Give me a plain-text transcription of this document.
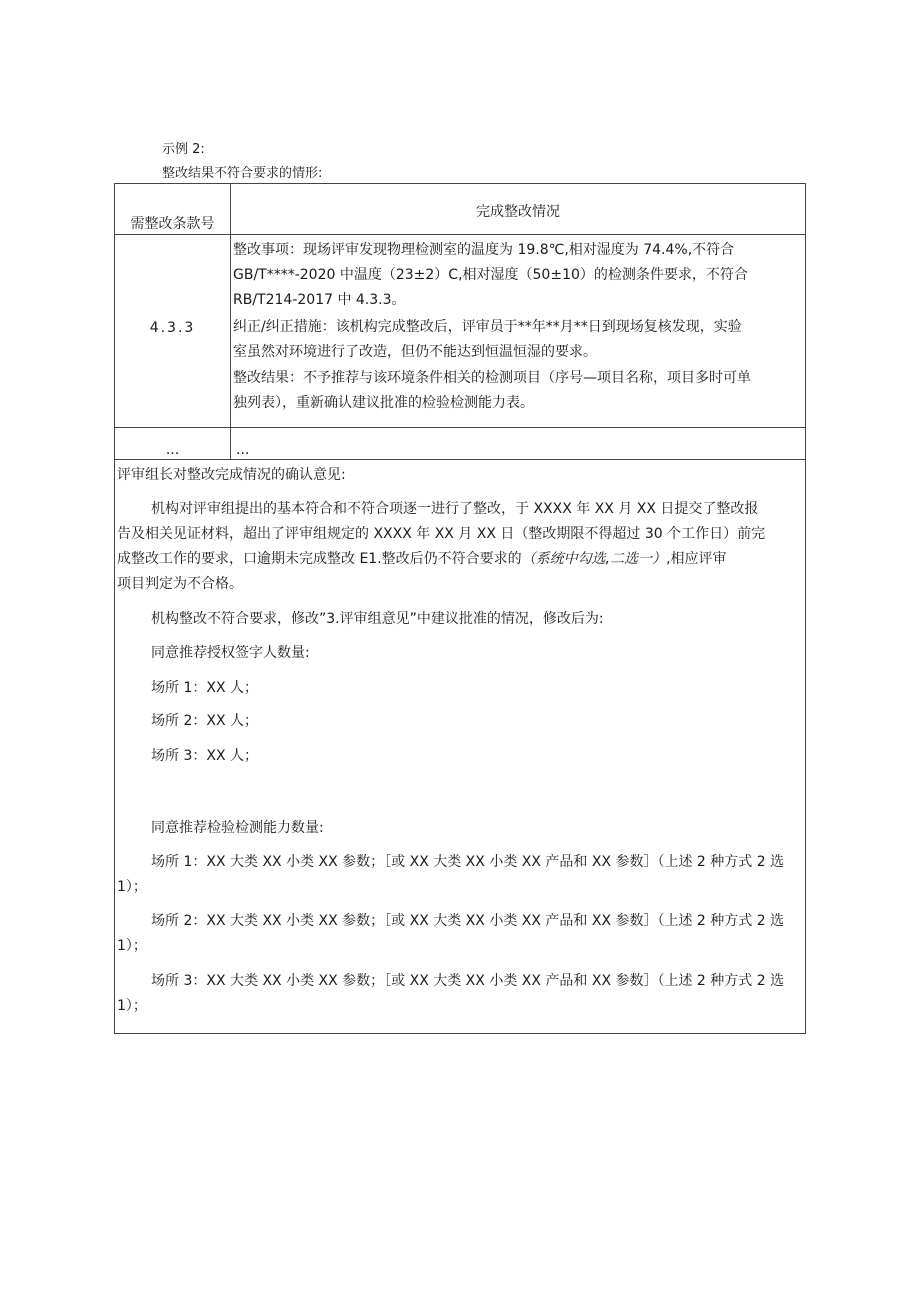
示例 2:
整改结果不符合要求的情形:
需整改条款号
完成整改情况
4.3.3
整改事项：现场评审发现物理检测室的温度为 19.8℃,相对湿度为 74.4%,不符合
GB/T****-2020 中温度（23±2）C,相对湿度（50±10）的检测条件要求，不符合
RB/T214-2017 中 4.3.3。
纠正/纠正措施：该机构完成整改后，评审员于**年**月**日到现场复核发现，实验
室虽然对环境进行了改造，但仍不能达到恒温恒湿的要求。
整改结果：不予推荐与该环境条件相关的检测项目（序号—项目名称，项目多时可单
独列表），重新确认建议批准的检验检测能力表。
...	...
评审组长对整改完成情况的确认意见:
机构对评审组提出的基本符合和不符合项逐一进行了整改，于 XXXX 年 XX 月 XX 日提交了整改报
告及相关见证材料，超出了评审组规定的 XXXX 年 XX 月 XX 日（整改期限不得超过 30 个工作日）前完
成整改工作的要求，口逾期未完成整改 E1.整改后仍不符合要求的（系统中勾选,二选一）,相应评审
项目判定为不合格。
机构整改不符合要求，修改”3.评审组意见”中建议批准的情况，修改后为:
同意推荐授权签字人数量:
场所 1：XX 人；
场所 2：XX 人；
场所 3：XX 人；
同意推荐检验检测能力数量:
场所 1：XX 大类 XX 小类 XX 参数；［或 XX 大类 XX 小类 XX 产品和 XX 参数］（上述 2 种方式 2 选
1）；
场所 2：XX 大类 XX 小类 XX 参数；［或 XX 大类 XX 小类 XX 产品和 XX 参数］（上述 2 种方式 2 选
1）；
场所 3：XX 大类 XX 小类 XX 参数；［或 XX 大类 XX 小类 XX 产品和 XX 参数］（上述 2 种方式 2 选
1）；
